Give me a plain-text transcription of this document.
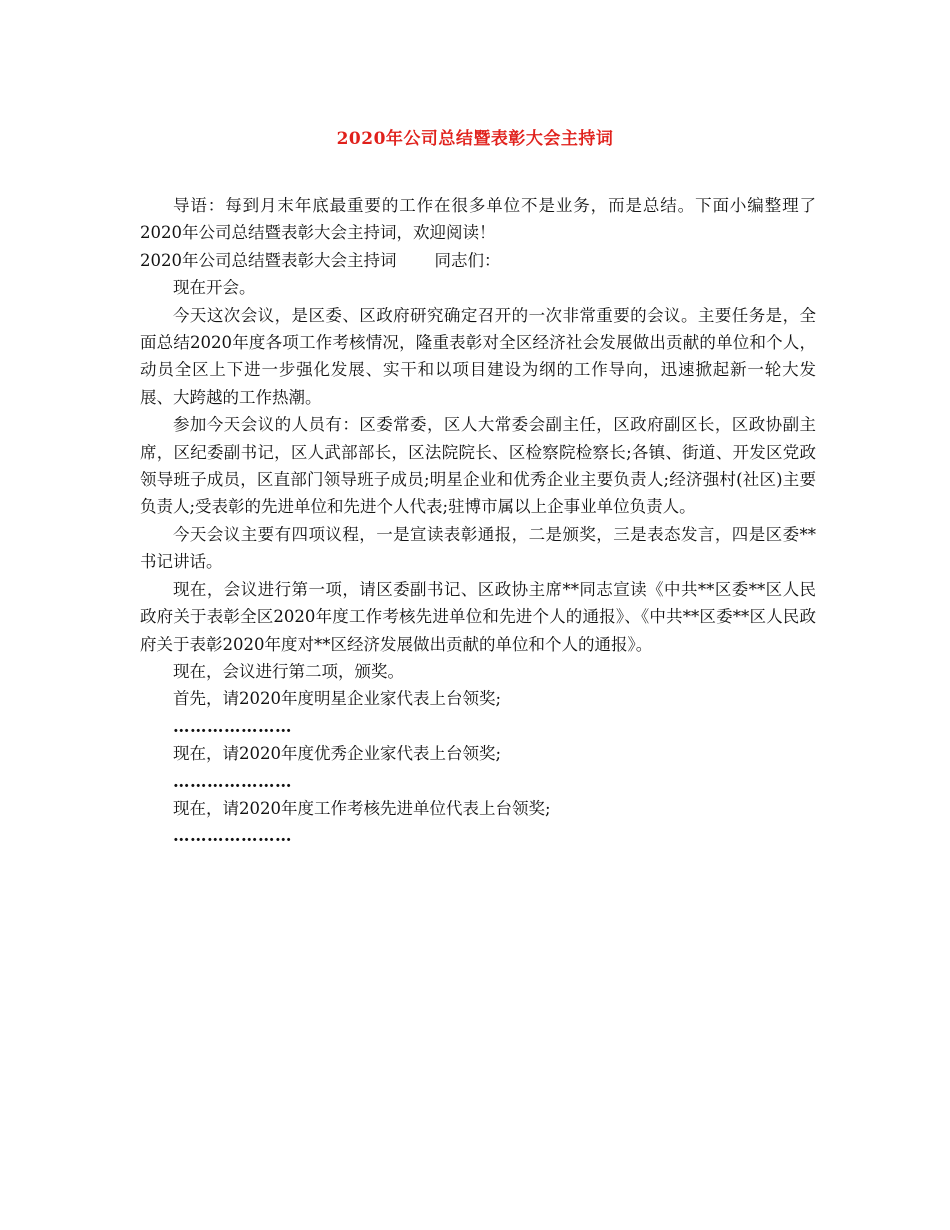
2020年公司总结暨表彰大会主持词

导语：每到月末年底最重要的工作在很多单位不是业务，而是总结。下面小编整理了2020年公司总结暨表彰大会主持词，欢迎阅读！

2020年公司总结暨表彰大会主持词 同志们：

现在开会。

今天这次会议，是区委、区政府研究确定召开的一次非常重要的会议。主要任务是，全面总结2020年度各项工作考核情况，隆重表彰对全区经济社会发展做出贡献的单位和个人，动员全区上下进一步强化发展、实干和以项目建设为纲的工作导向，迅速掀起新一轮大发展、大跨越的工作热潮。

参加今天会议的人员有：区委常委，区人大常委会副主任，区政府副区长，区政协副主席，区纪委副书记，区人武部部长，区法院院长、区检察院检察长;各镇、街道、开发区党政领导班子成员，区直部门领导班子成员;明星企业和优秀企业主要负责人;经济强村(社区)主要负责人;受表彰的先进单位和先进个人代表;驻博市属以上企事业单位负责人。

今天会议主要有四项议程，一是宣读表彰通报，二是颁奖，三是表态发言，四是区委**书记讲话。

现在，会议进行第一项，请区委副书记、区政协主席**同志宣读《中共**区委**区人民政府关于表彰全区2020年度工作考核先进单位和先进个人的通报》、《中共**区委**区人民政府关于表彰2020年度对**区经济发展做出贡献的单位和个人的通报》。

现在，会议进行第二项，颁奖。

首先，请2020年度明星企业家代表上台领奖;

…………………

现在，请2020年度优秀企业家代表上台领奖;

…………………

现在，请2020年度工作考核先进单位代表上台领奖;

…………………
